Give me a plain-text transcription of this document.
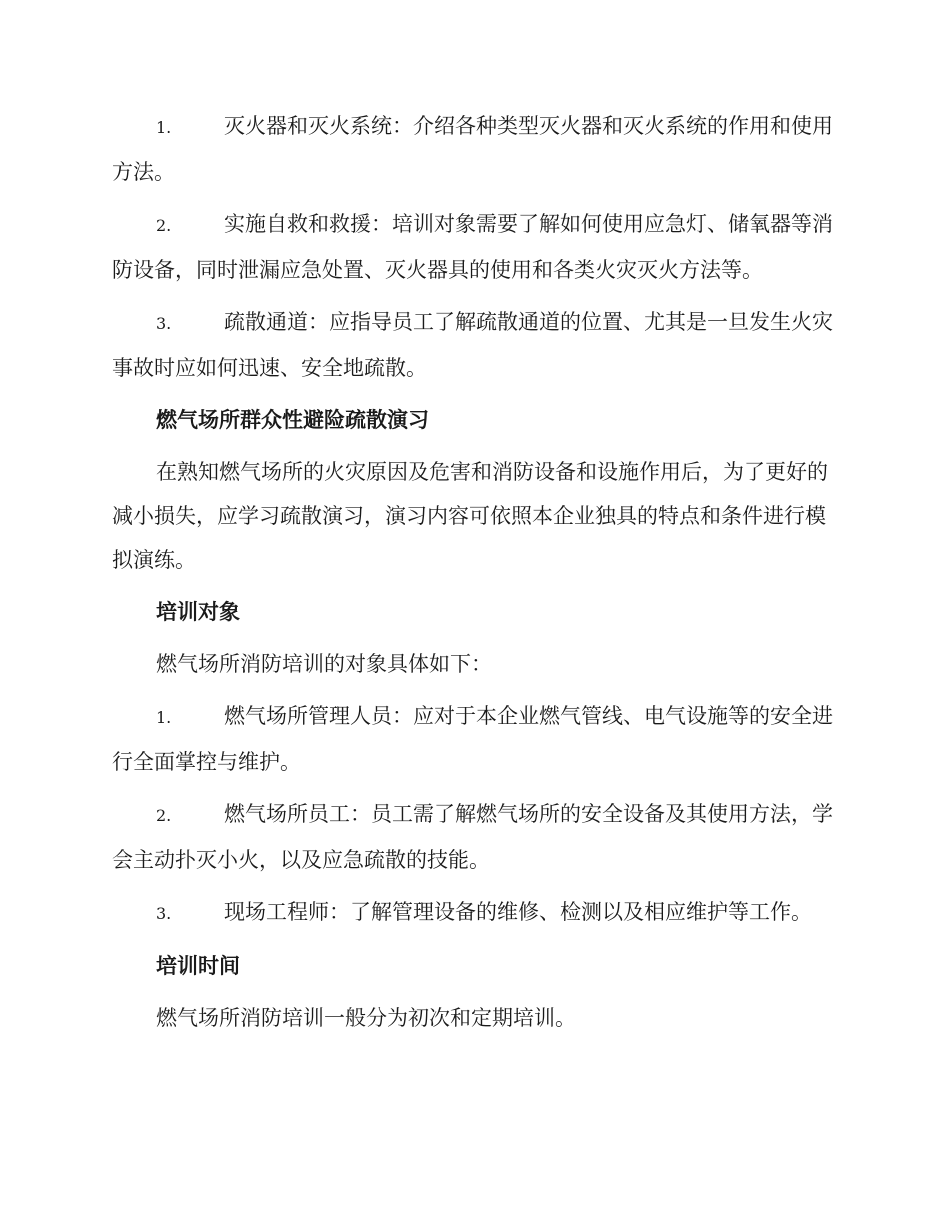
1.	灭火器和灭火系统：介绍各种类型灭火器和灭火系统的作用和使用方法。

2.	实施自救和救援：培训对象需要了解如何使用应急灯、储氧器等消防设备，同时泄漏应急处置、灭火器具的使用和各类火灾灭火方法等。

3.	疏散通道：应指导员工了解疏散通道的位置、尤其是一旦发生火灾事故时应如何迅速、安全地疏散。

燃气场所群众性避险疏散演习

在熟知燃气场所的火灾原因及危害和消防设备和设施作用后，为了更好的减小损失，应学习疏散演习，演习内容可依照本企业独具的特点和条件进行模拟演练。

培训对象

燃气场所消防培训的对象具体如下：

1.	燃气场所管理人员：应对于本企业燃气管线、电气设施等的安全进行全面掌控与维护。

2.	燃气场所员工：员工需了解燃气场所的安全设备及其使用方法，学会主动扑灭小火，以及应急疏散的技能。

3.	现场工程师：了解管理设备的维修、检测以及相应维护等工作。

培训时间

燃气场所消防培训一般分为初次和定期培训。
